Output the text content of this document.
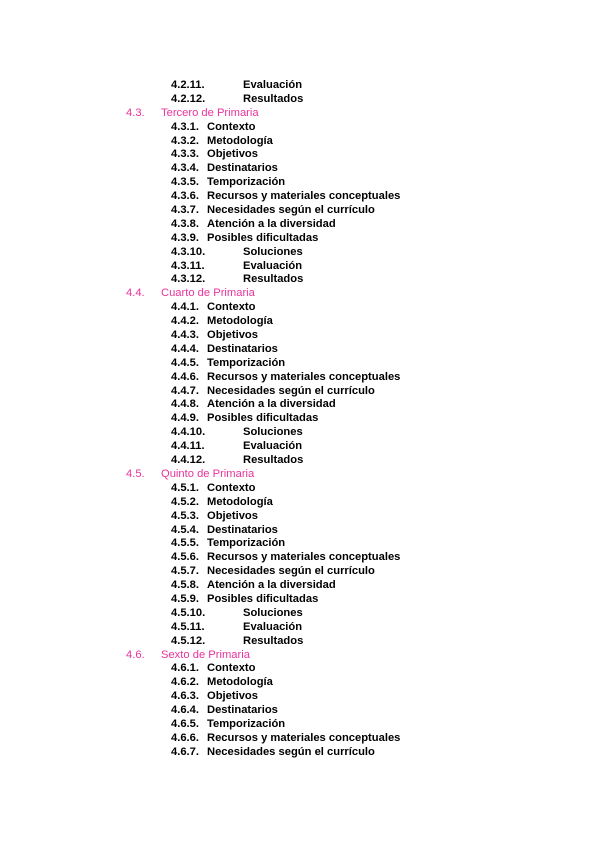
4.2.11.	Evaluación
4.2.12.	Resultados
4.3. Tercero de Primaria
4.3.1. Contexto
4.3.2. Metodología
4.3.3. Objetivos
4.3.4. Destinatarios
4.3.5. Temporización
4.3.6. Recursos y materiales conceptuales
4.3.7. Necesidades según el currículo
4.3.8. Atención a la diversidad
4.3.9. Posibles dificultadas
4.3.10.	Soluciones
4.3.11.	Evaluación
4.3.12.	Resultados
4.4. Cuarto de Primaria
4.4.1. Contexto
4.4.2. Metodología
4.4.3. Objetivos
4.4.4. Destinatarios
4.4.5. Temporización
4.4.6. Recursos y materiales conceptuales
4.4.7. Necesidades según el currículo
4.4.8. Atención a la diversidad
4.4.9. Posibles dificultadas
4.4.10.	Soluciones
4.4.11.	Evaluación
4.4.12.	Resultados
4.5. Quinto de Primaria
4.5.1. Contexto
4.5.2. Metodología
4.5.3. Objetivos
4.5.4. Destinatarios
4.5.5. Temporización
4.5.6. Recursos y materiales conceptuales
4.5.7. Necesidades según el currículo
4.5.8. Atención a la diversidad
4.5.9. Posibles dificultadas
4.5.10.	Soluciones
4.5.11.	Evaluación
4.5.12.	Resultados
4.6. Sexto de Primaria
4.6.1. Contexto
4.6.2. Metodología
4.6.3. Objetivos
4.6.4. Destinatarios
4.6.5. Temporización
4.6.6. Recursos y materiales conceptuales
4.6.7. Necesidades según el currículo
